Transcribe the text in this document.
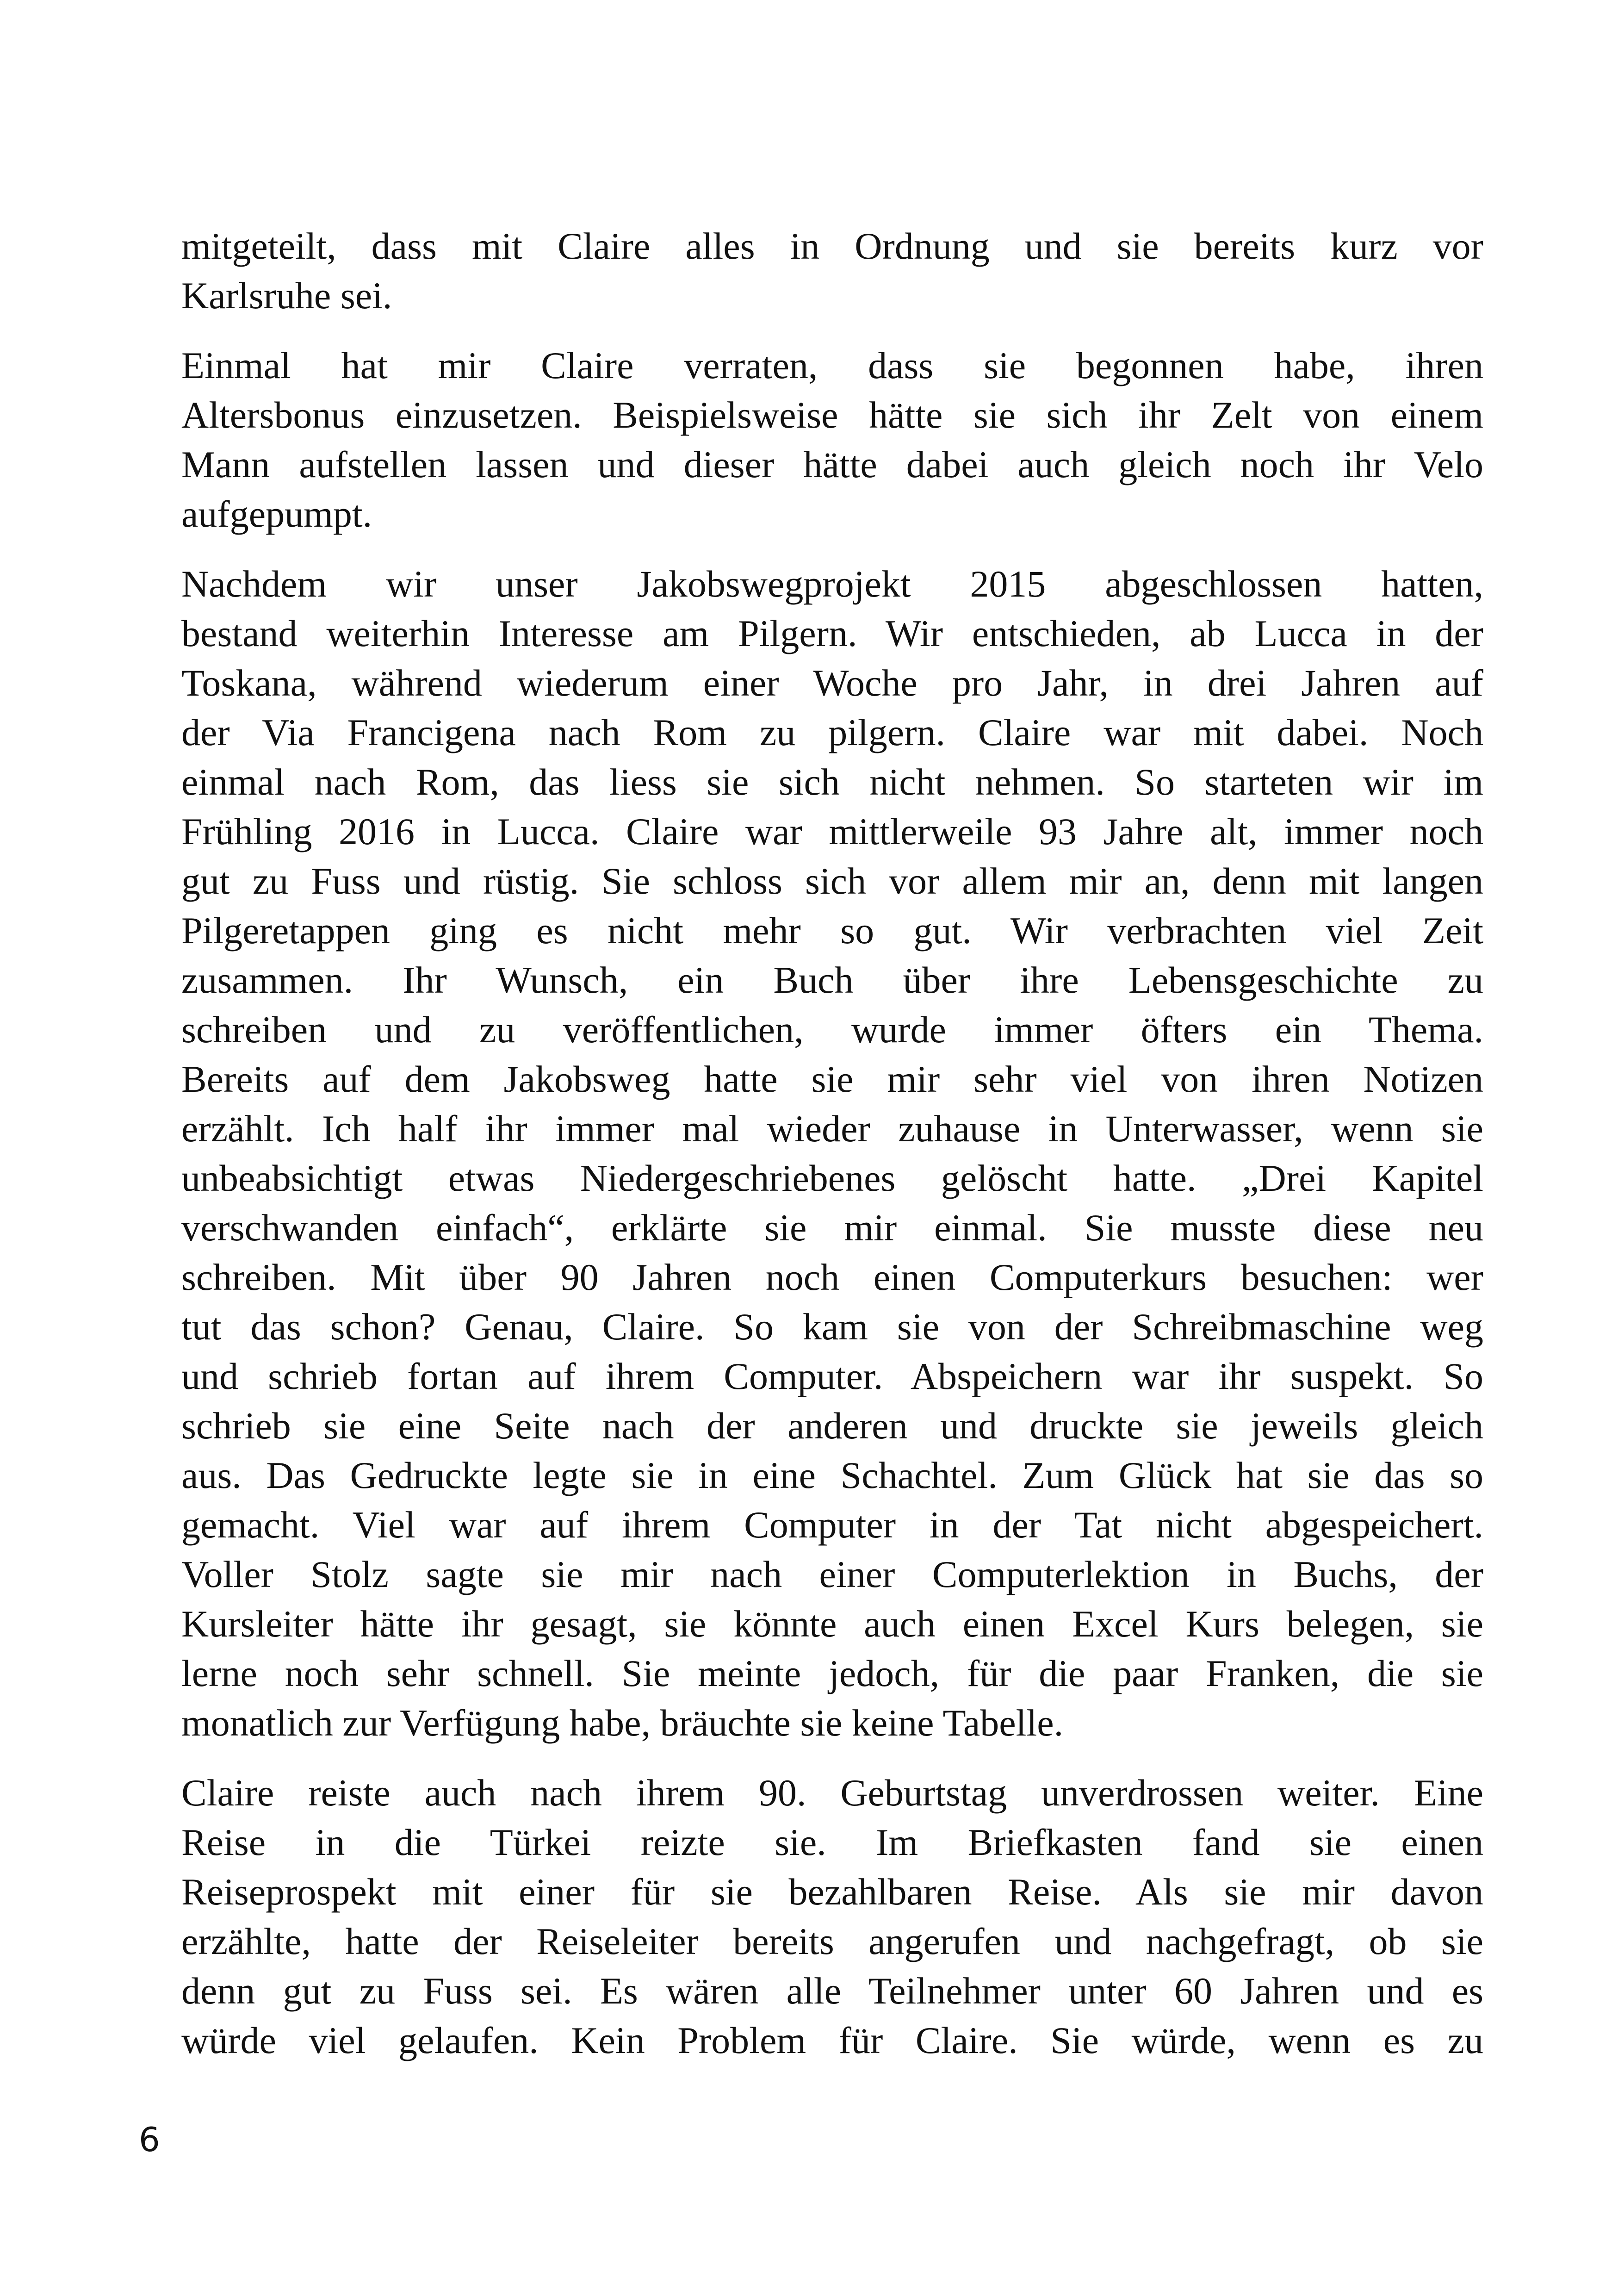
mitgeteilt, dass mit Claire alles in Ordnung und sie bereits kurz vor
Karlsruhe sei.
Einmal hat mir Claire verraten, dass sie begonnen habe, ihren
Altersbonus einzusetzen. Beispielsweise hätte sie sich ihr Zelt von einem
Mann aufstellen lassen und dieser hätte dabei auch gleich noch ihr Velo
aufgepumpt.
Nachdem wir unser Jakobswegprojekt 2015 abgeschlossen hatten,
bestand weiterhin Interesse am Pilgern. Wir entschieden, ab Lucca in der
Toskana, während wiederum einer Woche pro Jahr, in drei Jahren auf
der Via Francigena nach Rom zu pilgern. Claire war mit dabei. Noch
einmal nach Rom, das liess sie sich nicht nehmen. So starteten wir im
Frühling 2016 in Lucca. Claire war mittlerweile 93 Jahre alt, immer noch
gut zu Fuss und rüstig. Sie schloss sich vor allem mir an, denn mit langen
Pilgeretappen ging es nicht mehr so gut. Wir verbrachten viel Zeit
zusammen. Ihr Wunsch, ein Buch über ihre Lebensgeschichte zu
schreiben und zu veröffentlichen, wurde immer öfters ein Thema.
Bereits auf dem Jakobsweg hatte sie mir sehr viel von ihren Notizen
erzählt. Ich half ihr immer mal wieder zuhause in Unterwasser, wenn sie
unbeabsichtigt etwas Niedergeschriebenes gelöscht hatte. „Drei Kapitel
verschwanden einfach“, erklärte sie mir einmal. Sie musste diese neu
schreiben. Mit über 90 Jahren noch einen Computerkurs besuchen: wer
tut das schon? Genau, Claire. So kam sie von der Schreibmaschine weg
und schrieb fortan auf ihrem Computer. Abspeichern war ihr suspekt. So
schrieb sie eine Seite nach der anderen und druckte sie jeweils gleich
aus. Das Gedruckte legte sie in eine Schachtel. Zum Glück hat sie das so
gemacht. Viel war auf ihrem Computer in der Tat nicht abgespeichert.
Voller Stolz sagte sie mir nach einer Computerlektion in Buchs, der
Kursleiter hätte ihr gesagt, sie könnte auch einen Excel Kurs belegen, sie
lerne noch sehr schnell. Sie meinte jedoch, für die paar Franken, die sie
monatlich zur Verfügung habe, bräuchte sie keine Tabelle.
Claire reiste auch nach ihrem 90. Geburtstag unverdrossen weiter. Eine
Reise in die Türkei reizte sie. Im Briefkasten fand sie einen
Reiseprospekt mit einer für sie bezahlbaren Reise. Als sie mir davon
erzählte, hatte der Reiseleiter bereits angerufen und nachgefragt, ob sie
denn gut zu Fuss sei. Es wären alle Teilnehmer unter 60 Jahren und es
würde viel gelaufen. Kein Problem für Claire. Sie würde, wenn es zu
6
